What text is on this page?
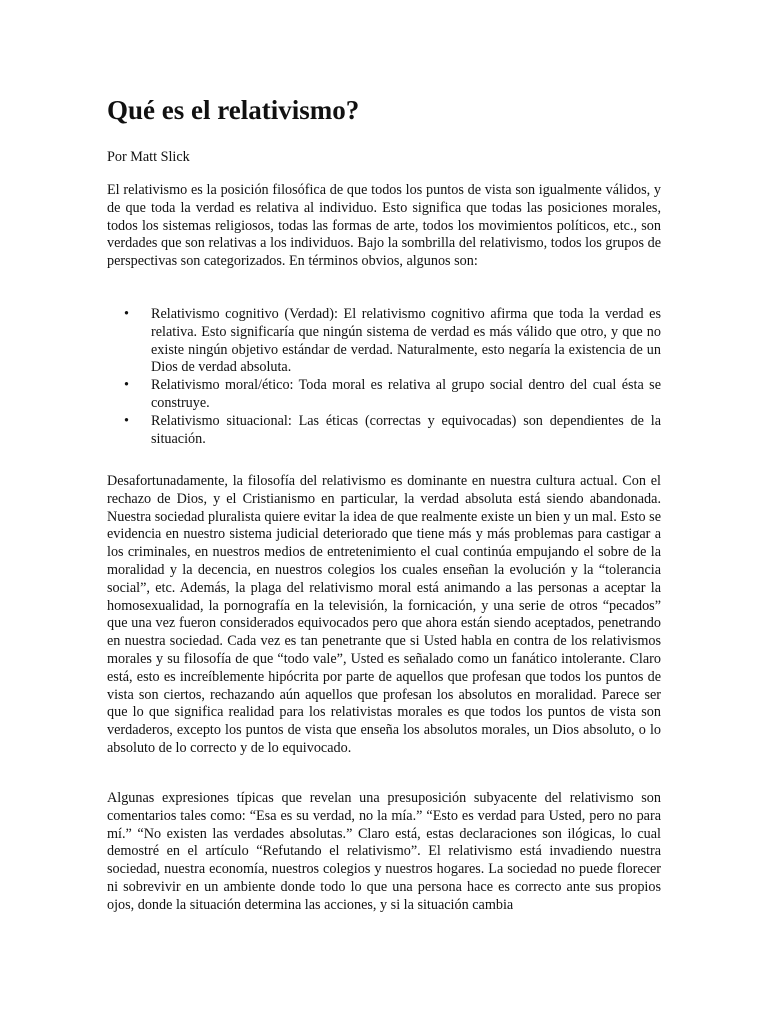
Qué es el relativismo?

Por Matt Slick

El relativismo es la posición filosófica de que todos los puntos de vista son igualmente válidos, y de que toda la verdad es relativa al individuo. Esto significa que todas las posiciones morales, todos los sistemas religiosos, todas las formas de arte, todos los movimientos políticos, etc., son verdades que son relativas a los individuos. Bajo la sombrilla del relativismo, todos los grupos de perspectivas son categorizados. En términos obvios, algunos son:

• Relativismo cognitivo (Verdad): El relativismo cognitivo afirma que toda la verdad es relativa. Esto significaría que ningún sistema de verdad es más válido que otro, y que no existe ningún objetivo estándar de verdad. Naturalmente, esto negaría la existencia de un Dios de verdad absoluta.
• Relativismo moral/ético: Toda moral es relativa al grupo social dentro del cual ésta se construye.
• Relativismo situacional: Las éticas (correctas y equivocadas) son dependientes de la situación.

Desafortunadamente, la filosofía del relativismo es dominante en nuestra cultura actual. Con el rechazo de Dios, y el Cristianismo en particular, la verdad absoluta está siendo abandonada. Nuestra sociedad pluralista quiere evitar la idea de que realmente existe un bien y un mal. Esto se evidencia en nuestro sistema judicial deteriorado que tiene más y más problemas para castigar a los criminales, en nuestros medios de entretenimiento el cual continúa empujando el sobre de la moralidad y la decencia, en nuestros colegios los cuales enseñan la evolución y la “tolerancia social”, etc. Además, la plaga del relativismo moral está animando a las personas a aceptar la homosexualidad, la pornografía en la televisión, la fornicación, y una serie de otros “pecados” que una vez fueron considerados equivocados pero que ahora están siendo aceptados, penetrando en nuestra sociedad. Cada vez es tan penetrante que si Usted habla en contra de los relativismos morales y su filosofía de que “todo vale”, Usted es señalado como un fanático intolerante. Claro está, esto es increíblemente hipócrita por parte de aquellos que profesan que todos los puntos de vista son ciertos, rechazando aún aquellos que profesan los absolutos en moralidad. Parece ser que lo que significa realidad para los relativistas morales es que todos los puntos de vista son verdaderos, excepto los puntos de vista que enseña los absolutos morales, un Dios absoluto, o lo absoluto de lo correcto y de lo equivocado.

Algunas expresiones típicas que revelan una presuposición subyacente del relativismo son comentarios tales como: “Esa es su verdad, no la mía.” “Esto es verdad para Usted, pero no para mí.” “No existen las verdades absolutas.” Claro está, estas declaraciones son ilógicas, lo cual demostré en el artículo “Refutando el relativismo”. El relativismo está invadiendo nuestra sociedad, nuestra economía, nuestros colegios y nuestros hogares. La sociedad no puede florecer ni sobrevivir en un ambiente donde todo lo que una persona hace es correcto ante sus propios ojos, donde la situación determina las acciones, y si la situación cambia
